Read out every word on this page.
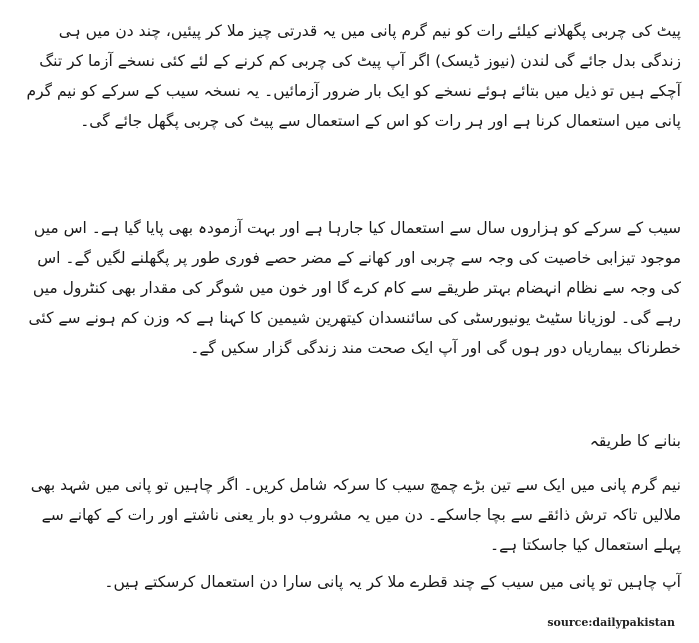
پیٹ کی چربی پگھلانے کیلئے رات کو نیم گرم پانی میں یہ قدرتی چیز ملا کر پیئیں، چند دن میں ہی زندگی بدل جائے گی لندن (نیوز ڈیسک) اگر آپ پیٹ کی چربی کم کرنے کے لئے کئی نسخے آزما کر تنگ آچکے ہیں تو ذیل میں بتائے ہوئے نسخے کو ایک بار ضرور آزمائیں۔ یہ نسخہ سیب کے سرکے کو نیم گرم پانی میں استعمال کرنا ہے اور ہر رات کو اس کے استعمال سے پیٹ کی چربی پگھل جائے گی۔

سیب کے سرکے کو ہزاروں سال سے استعمال کیا جارہا ہے اور بہت آزمودہ بھی پایا گیا ہے۔ اس میں موجود تیزابی خاصیت کی وجہ سے چربی اور کھانے کے مضر حصے فوری طور پر پگھلنے لگیں گے۔ اس کی وجہ سے نظام انہضام بہتر طریقے سے کام کرے گا اور خون میں شوگر کی مقدار بھی کنٹرول میں رہے گی۔ لوزیانا سٹیٹ یونیورسٹی کی سائنسدان کیتھرین شیمین کا کہنا ہے کہ وزن کم ہونے سے کئی خطرناک بیماریاں دور ہوں گی اور آپ ایک صحت مند زندگی گزار سکیں گے۔

بنانے کا طریقہ

نیم گرم پانی میں ایک سے تین بڑے چمچ سیب کا سرکہ شامل کریں۔ اگر چاہیں تو پانی میں شہد بھی ملالیں تاکہ ترش ذائقے سے بچا جاسکے۔ دن میں یہ مشروب دو بار یعنی ناشتے اور رات کے کھانے سے پہلے استعمال کیا جاسکتا ہے۔

آپ چاہیں تو پانی میں سیب کے چند قطرے ملا کر یہ پانی سارا دن استعمال کرسکتے ہیں۔

source:dailypakistan
